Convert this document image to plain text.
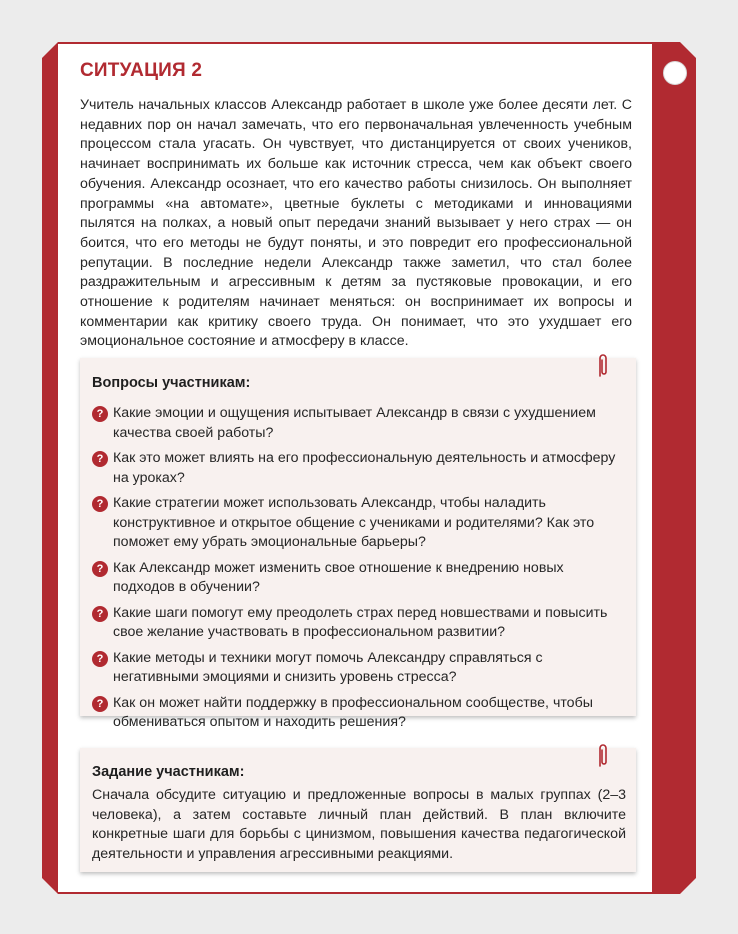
СИТУАЦИЯ 2
Учитель начальных классов Александр работает в школе уже более десяти лет. С недавних пор он начал замечать, что его первоначальная увлеченность учебным процессом стала угасать. Он чувствует, что дистанцируется от своих учеников, начинает воспринимать их больше как источник стресса, чем как объект своего обучения. Александр осознает, что его качество работы снизилось. Он выполняет программы «на автомате», цветные буклеты с методиками и инновациями пылятся на полках, а новый опыт передачи знаний вызывает у него страх — он боится, что его методы не будут поняты, и это повредит его профессиональной репутации. В последние недели Александр также заметил, что стал более раздражительным и агрессивным к детям за пустяковые провокации, и его отношение к родителям начинает меняться: он воспринимает их вопросы и комментарии как критику своего труда. Он понимает, что это ухудшает его эмоциональное состояние и атмосферу в классе.
Вопросы участникам:
? Какие эмоции и ощущения испытывает Александр в связи с ухудшением качества своей работы?
? Как это может влиять на его профессиональную деятельность и атмосферу на уроках?
? Какие стратегии может использовать Александр, чтобы наладить конструктивное и открытое общение с учениками и родителями? Как это поможет ему убрать эмоциональные барьеры?
? Как Александр может изменить свое отношение к внедрению новых подходов в обучении?
? Какие шаги помогут ему преодолеть страх перед новшествами и повысить свое желание участвовать в профессиональном развитии?
? Какие методы и техники могут помочь Александру справляться с негативными эмоциями и снизить уровень стресса?
? Как он может найти поддержку в профессиональном сообществе, чтобы обмениваться опытом и находить решения?
Задание участникам:
Сначала обсудите ситуацию и предложенные вопросы в малых группах (2–3 человека), а затем составьте личный план действий. В план включите конкретные шаги для борьбы с цинизмом, повышения качества педагогической деятельности и управления агрессивными реакциями.
